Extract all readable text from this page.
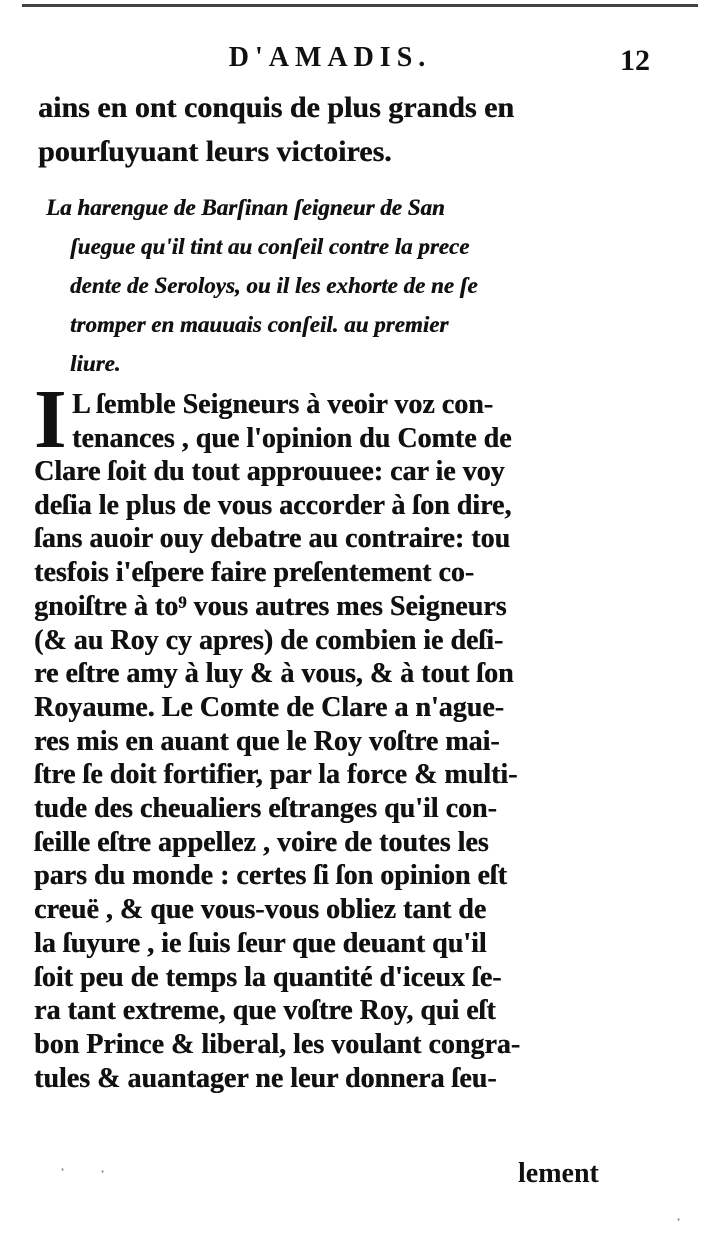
D'AMADIS.	12
ains en ont conquis de plus grands en
pourſuyuant leurs victoires.
La harengue de Barſinan ſeigneur de San
ſuegue qu'il tint au conſeil contre la prece
dente de Seroloys, ou il les exhorte de ne ſe
tromper en mauuais conſeil. au premier
liure.
I L ſemble Seigneurs à veoir voz con-
tenances , que l'opinion du Comte de
Clare ſoit du tout approuuee: car ie voy
deſia le plus de vous accorder à ſon dire,
ſans auoir ouy debatre au contraire: tou
tesfois i'eſpere faire preſentement co-
gnoiſtre à to⁹ vous autres mes Seigneurs
(& au Roy cy apres) de combien ie deſi-
re eſtre amy à luy & à vous, & à tout ſon
Royaume. Le Comte de Clare a n'ague-
res mis en auant que le Roy voſtre mai-
ſtre ſe doit fortifier, par la force & multi-
tude des cheualiers eſtranges qu'il con-
ſeille eſtre appellez , voire de toutes les
pars du monde : certes ſi ſon opinion eſt
creuë , & que vous-vous obliez tant de
la ſuyure , ie ſuis ſeur que deuant qu'il
ſoit peu de temps la quantité d'iceux ſe-
ra tant extreme, que voſtre Roy, qui eſt
bon Prince & liberal, les voulant congra-
tules & auantager ne leur donnera ſeu-
lement
· ·
·
